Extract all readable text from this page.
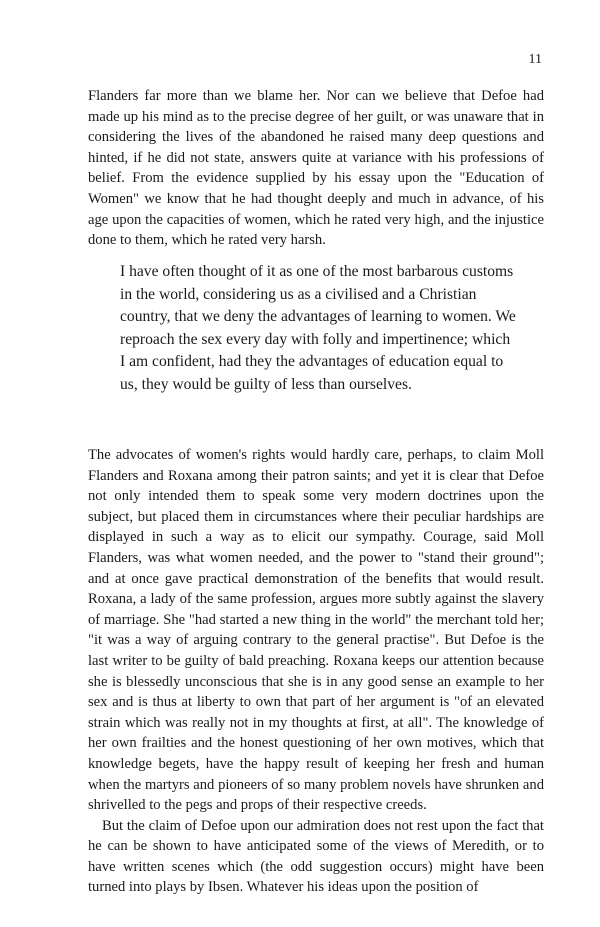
11

Flanders far more than we blame her. Nor can we believe that Defoe had made up his mind as to the precise degree of her guilt, or was unaware that in considering the lives of the abandoned he raised many deep questions and hinted, if he did not state, answers quite at variance with his professions of belief. From the evidence supplied by his essay upon the "Education of Women" we know that he had thought deeply and much in advance, of his age upon the capacities of women, which he rated very high, and the injustice done to them, which he rated very harsh.

I have often thought of it as one of the most barbarous customs in the world, considering us as a civilised and a Christian country, that we deny the advantages of learning to women. We reproach the sex every day with folly and impertinence; which I am confident, had they the advantages of education equal to us, they would be guilty of less than ourselves.

The advocates of women's rights would hardly care, perhaps, to claim Moll Flanders and Roxana among their patron saints; and yet it is clear that Defoe not only intended them to speak some very modern doctrines upon the subject, but placed them in circumstances where their peculiar hardships are displayed in such a way as to elicit our sympathy. Courage, said Moll Flanders, was what women needed, and the power to "stand their ground"; and at once gave practical demonstration of the benefits that would result. Roxana, a lady of the same profession, argues more subtly against the slavery of marriage. She "had started a new thing in the world" the merchant told her; "it was a way of arguing contrary to the general practise". But Defoe is the last writer to be guilty of bald preaching. Roxana keeps our attention because she is blessedly unconscious that she is in any good sense an example to her sex and is thus at liberty to own that part of her argument is "of an elevated strain which was really not in my thoughts at first, at all". The knowledge of her own frailties and the honest questioning of her own motives, which that knowledge begets, have the happy result of keeping her fresh and human when the martyrs and pioneers of so many problem novels have shrunken and shrivelled to the pegs and props of their respective creeds.

But the claim of Defoe upon our admiration does not rest upon the fact that he can be shown to have anticipated some of the views of Meredith, or to have written scenes which (the odd suggestion occurs) might have been turned into plays by Ibsen. Whatever his ideas upon the position of
